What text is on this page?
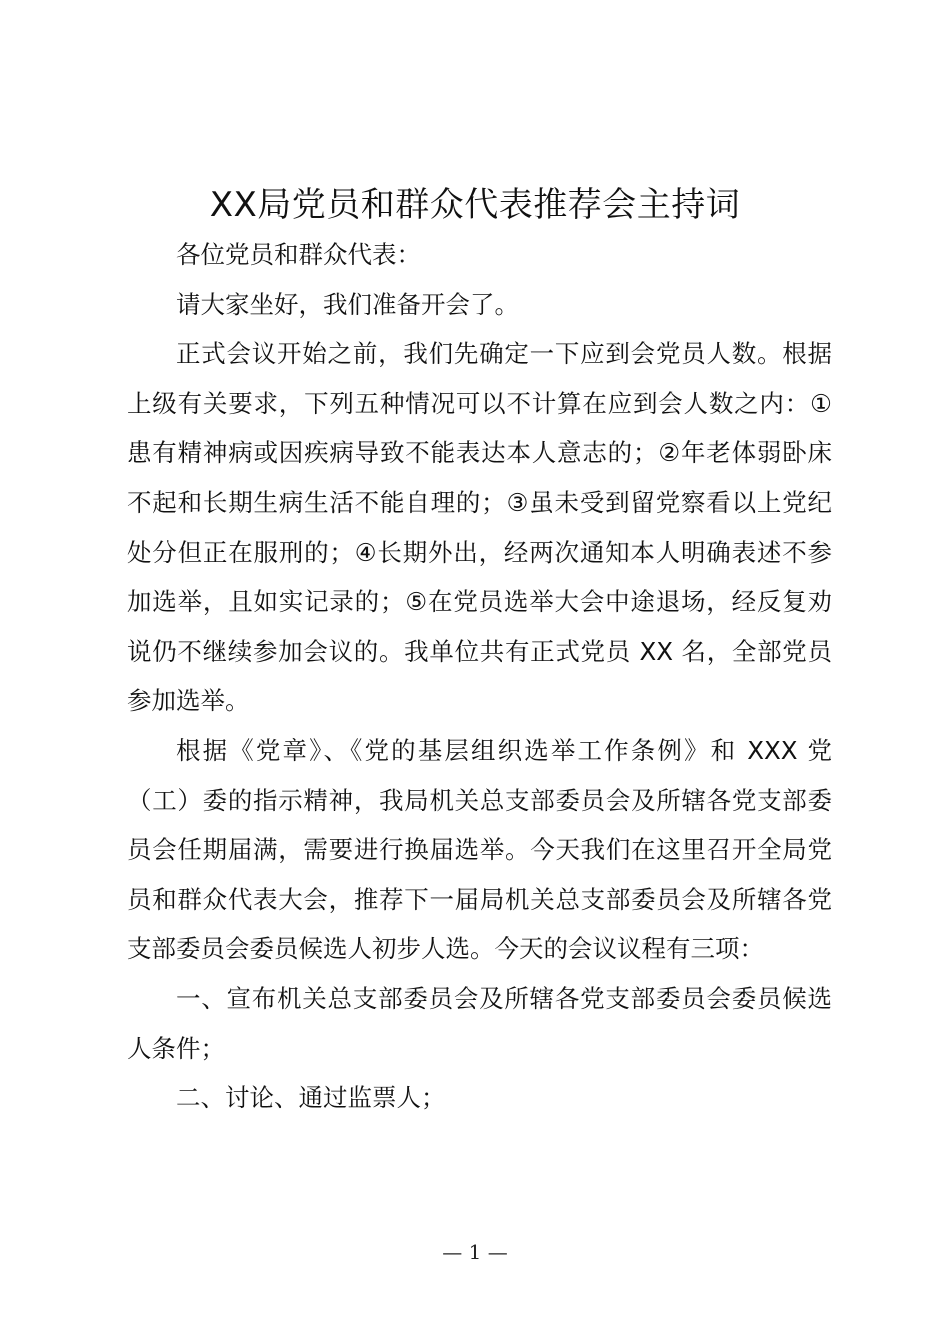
XX局党员和群众代表推荐会主持词

各位党员和群众代表：

请大家坐好，我们准备开会了。

正式会议开始之前，我们先确定一下应到会党员人数。根据上级有关要求，下列五种情况可以不计算在应到会人数之内：①患有精神病或因疾病导致不能表达本人意志的；②年老体弱卧床不起和长期生病生活不能自理的；③虽未受到留党察看以上党纪处分但正在服刑的；④长期外出，经两次通知本人明确表述不参加选举，且如实记录的；⑤在党员选举大会中途退场，经反复劝说仍不继续参加会议的。我单位共有正式党员 XX 名，全部党员参加选举。

根据《党章》、《党的基层组织选举工作条例》和 XXX 党（工）委的指示精神，我局机关总支部委员会及所辖各党支部委员会任期届满，需要进行换届选举。今天我们在这里召开全局党员和群众代表大会，推荐下一届局机关总支部委员会及所辖各党支部委员会委员候选人初步人选。今天的会议议程有三项：

一、宣布机关总支部委员会及所辖各党支部委员会委员候选人条件；

二、讨论、通过监票人；

— 1 —
